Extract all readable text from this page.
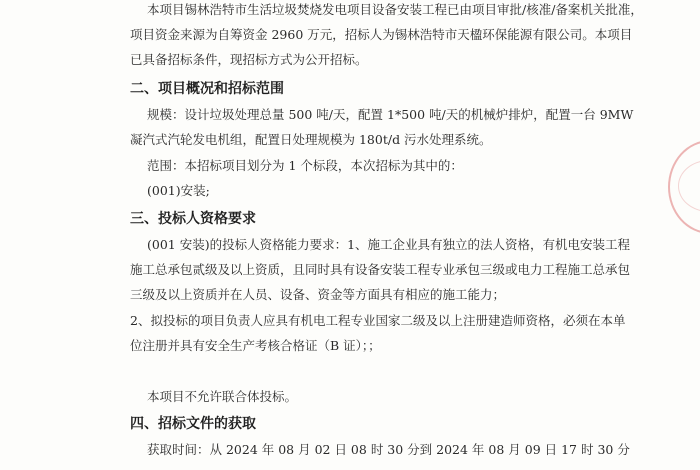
本项目锡林浩特市生活垃圾焚烧发电项目设备安装工程已由项目审批/核准/备案机关批准，
项目资金来源为自筹资金 2960 万元，招标人为锡林浩特市天楹环保能源有限公司。本项目
已具备招标条件，现招标方式为公开招标。
二、项目概况和招标范围
规模：设计垃圾处理总量 500 吨/天，配置 1*500 吨/天的机械炉排炉，配置一台 9MW
凝汽式汽轮发电机组，配置日处理规模为 180t/d 污水处理系统。
范围：本招标项目划分为 1 个标段，本次招标为其中的：
(001)安装;
三、投标人资格要求
(001 安装)的投标人资格能力要求：1、施工企业具有独立的法人资格，有机电安装工程
施工总承包贰级及以上资质，且同时具有设备安装工程专业承包三级或电力工程施工总承包
三级及以上资质并在人员、设备、资金等方面具有相应的施工能力；
2、拟投标的项目负责人应具有机电工程专业国家二级及以上注册建造师资格，必须在本单
位注册并具有安全生产考核合格证（B 证）；；
本项目不允许联合体投标。
四、招标文件的获取
获取时间：从 2024 年 08 月 02 日 08 时 30 分到 2024 年 08 月 09 日 17 时 30 分
